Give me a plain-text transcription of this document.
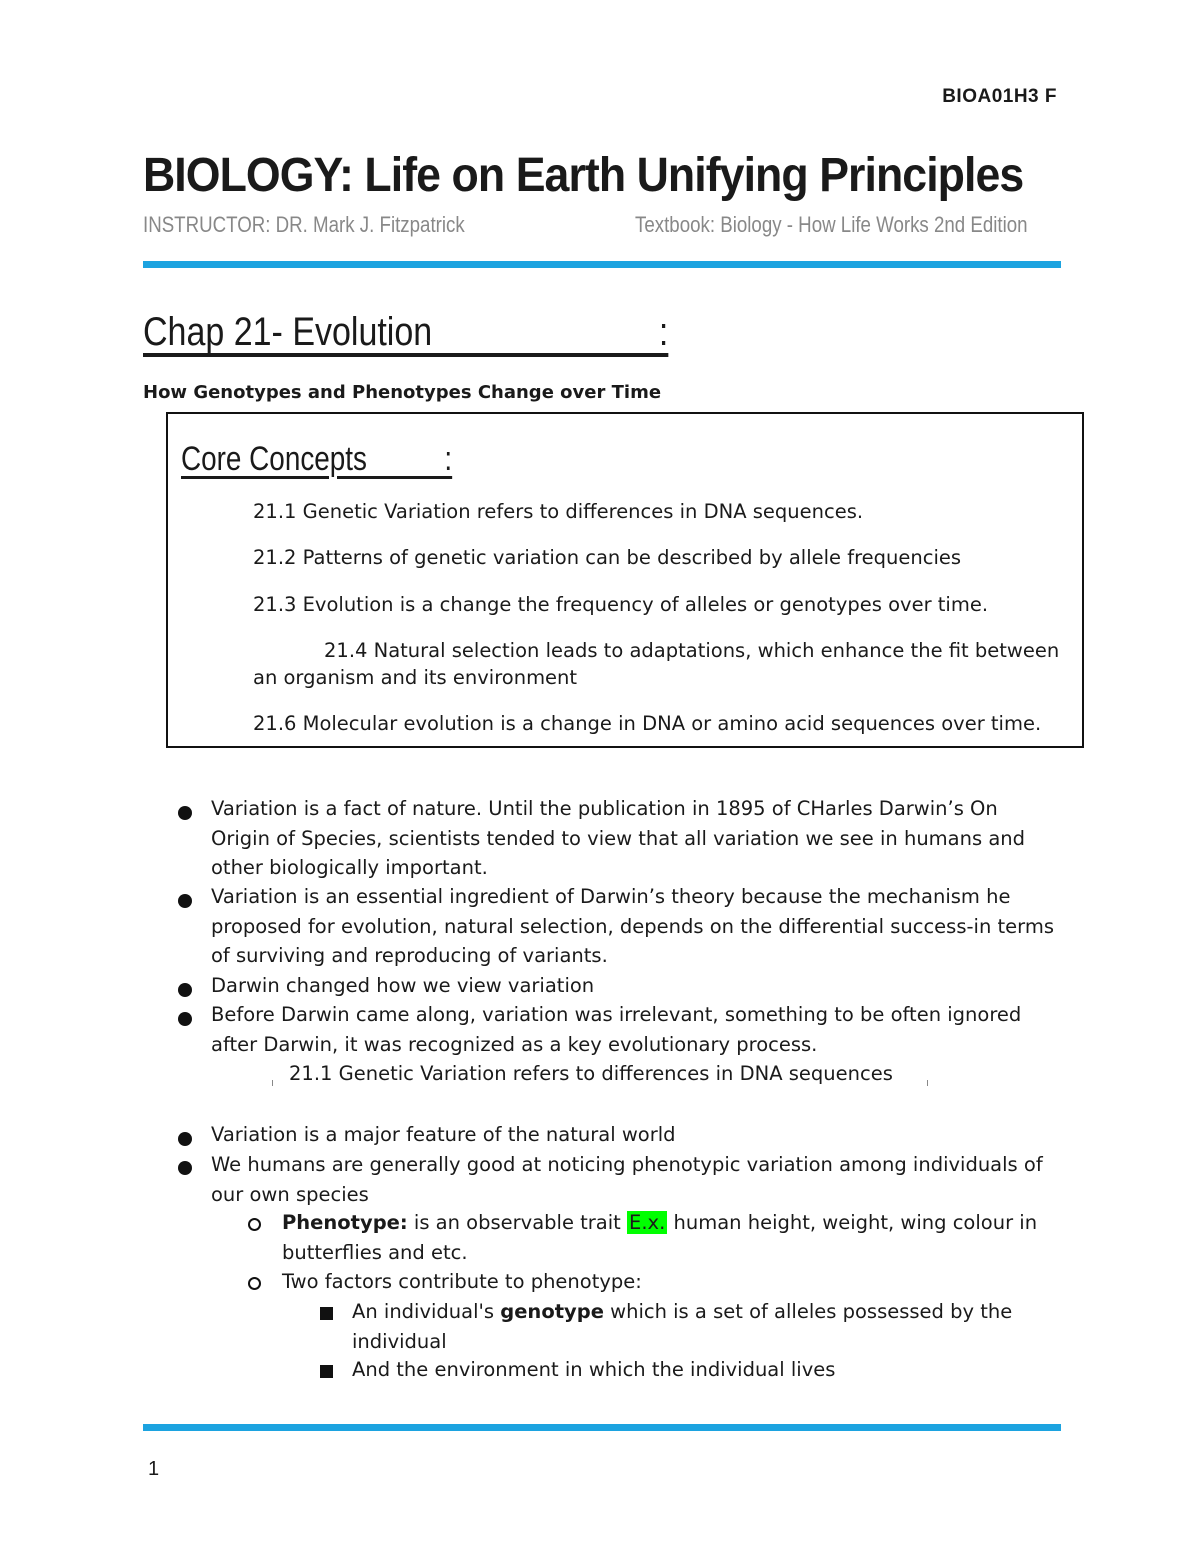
BIOA01H3 F
BIOLOGY: Life on Earth Unifying Principles
INSTRUCTOR: DR. Mark J. Fitzpatrick	Textbook: Biology - How Life Works 2nd Edition
Chap 21- Evolution                        :
How Genotypes and Phenotypes Change over Time
Core Concepts          :
21.1 Genetic Variation refers to differences in DNA sequences.
21.2 Patterns of genetic variation can be described by allele frequencies
21.3 Evolution is a change the frequency of alleles or genotypes over time.
21.4 Natural selection leads to adaptations, which enhance the fit between
an organism and its environment
21.6 Molecular evolution is a change in DNA or amino acid sequences over time.
Variation is a fact of nature. Until the publication in 1895 of CHarles Darwin’s On Origin of Species, scientists tended to view that all variation we see in humans and other biologically important.
Variation is an essential ingredient of Darwin’s theory because the mechanism he proposed for evolution, natural selection, depends on the differential success-in terms of surviving and reproducing of variants.
Darwin changed how we view variation
Before Darwin came along, variation was irrelevant, something to be often ignored after Darwin, it was recognized as a key evolutionary process.
21.1 Genetic Variation refers to differences in DNA sequences
Variation is a major feature of the natural world
We humans are generally good at noticing phenotypic variation among individuals of our own species
Phenotype: is an observable trait E.x. human height, weight, wing colour in butterflies and etc.
Two factors contribute to phenotype:
An individual's genotype which is a set of alleles possessed by the individual
And the environment in which the individual lives
1
